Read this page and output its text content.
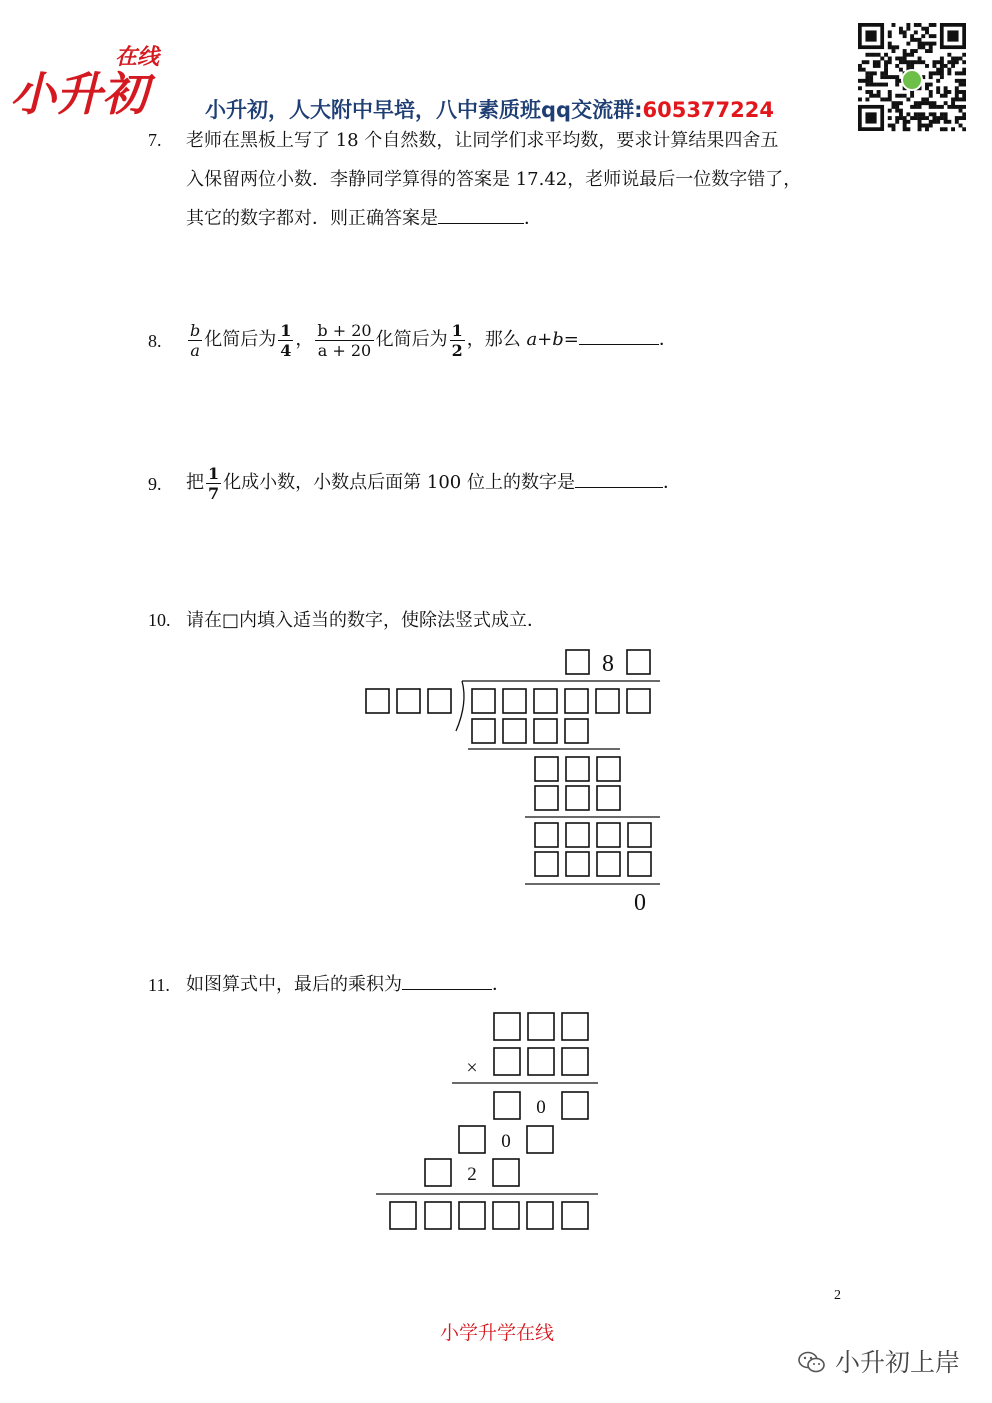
在线
小升初	小升初，人大附中早培，八中素质班qq交流群:605377224
7. 老师在黑板上写了 18 个自然数，让同学们求平均数，要求计算结果四舍五
入保留两位小数．李静同学算得的答案是 17.42，老师说最后一位数字错了，
其它的数字都对．则正确答案是	．
8. $\frac{b}{a}$ 化简后为 $\frac{1}{4}$ ， $\frac{b + 20}{a + 20}$ 化简后为 $\frac{1}{2}$ ，那么 a+b=	．
9. 把 $\frac{1}{7}$ 化成小数，小数点后面第 100 位上的数字是	．
10. 请在□内填入适当的数字，使除法竖式成立．
8
0
11. 如图算式中，最后的乘积为	．
×
0
0
2
2
小学升学在线
小升初上岸
